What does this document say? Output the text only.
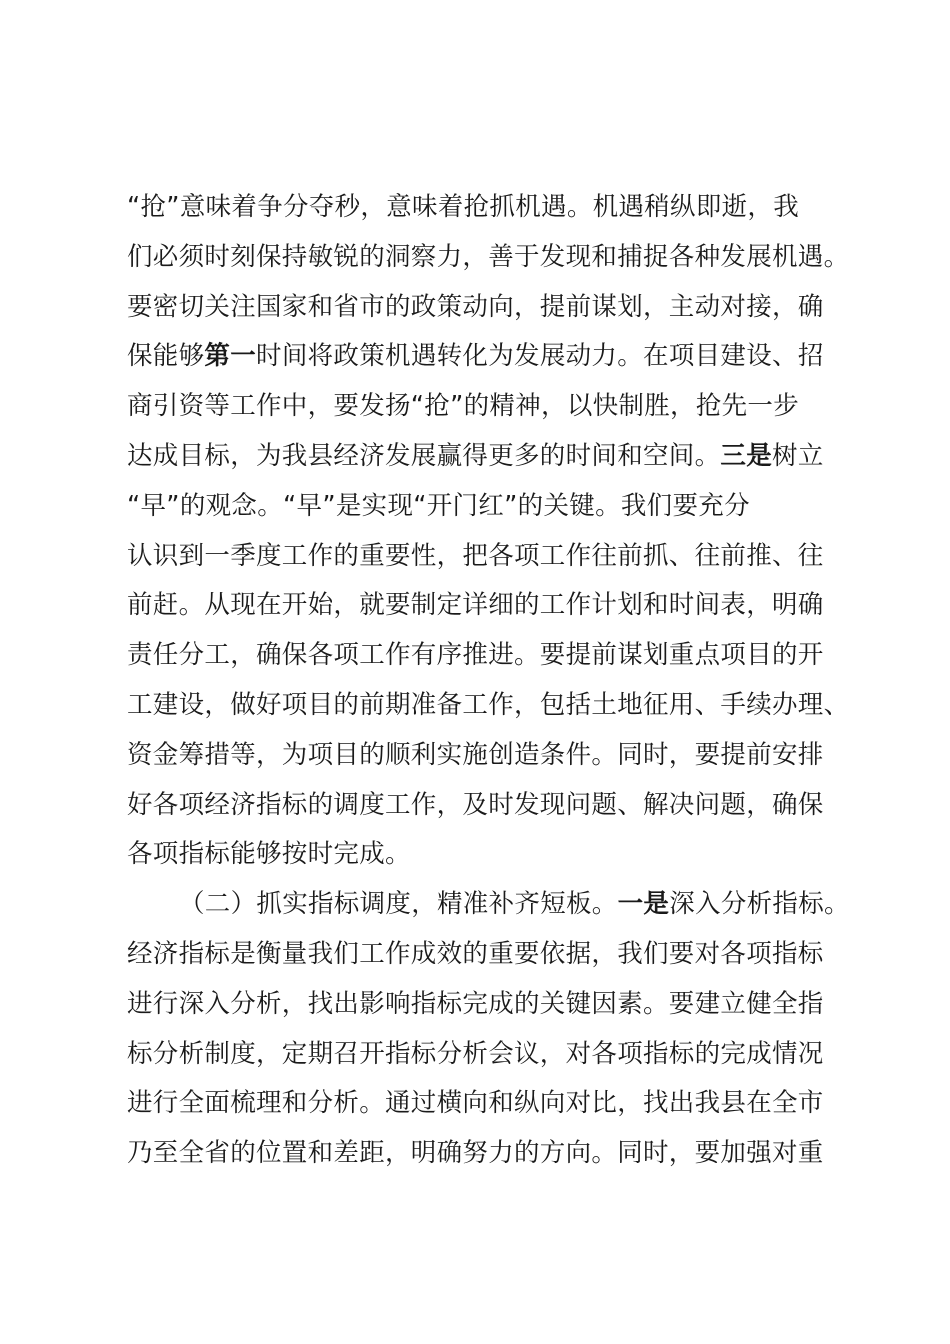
“抢”意味着争分夺秒，意味着抢抓机遇。机遇稍纵即逝，我
们必须时刻保持敏锐的洞察力，善于发现和捕捉各种发展机遇。
要密切关注国家和省市的政策动向，提前谋划，主动对接，确
保能够第一时间将政策机遇转化为发展动力。在项目建设、招
商引资等工作中，要发扬“抢”的精神，以快制胜，抢先一步
达成目标，为我县经济发展赢得更多的时间和空间。三是树立
“早”的观念。“早”是实现“开门红”的关键。我们要充分
认识到一季度工作的重要性，把各项工作往前抓、往前推、往
前赶。从现在开始，就要制定详细的工作计划和时间表，明确
责任分工，确保各项工作有序推进。要提前谋划重点项目的开
工建设，做好项目的前期准备工作，包括土地征用、手续办理、
资金筹措等，为项目的顺利实施创造条件。同时，要提前安排
好各项经济指标的调度工作，及时发现问题、解决问题，确保
各项指标能够按时完成。
（二）抓实指标调度，精准补齐短板。一是深入分析指标。
经济指标是衡量我们工作成效的重要依据，我们要对各项指标
进行深入分析，找出影响指标完成的关键因素。要建立健全指
标分析制度，定期召开指标分析会议，对各项指标的完成情况
进行全面梳理和分析。通过横向和纵向对比，找出我县在全市
乃至全省的位置和差距，明确努力的方向。同时，要加强对重
